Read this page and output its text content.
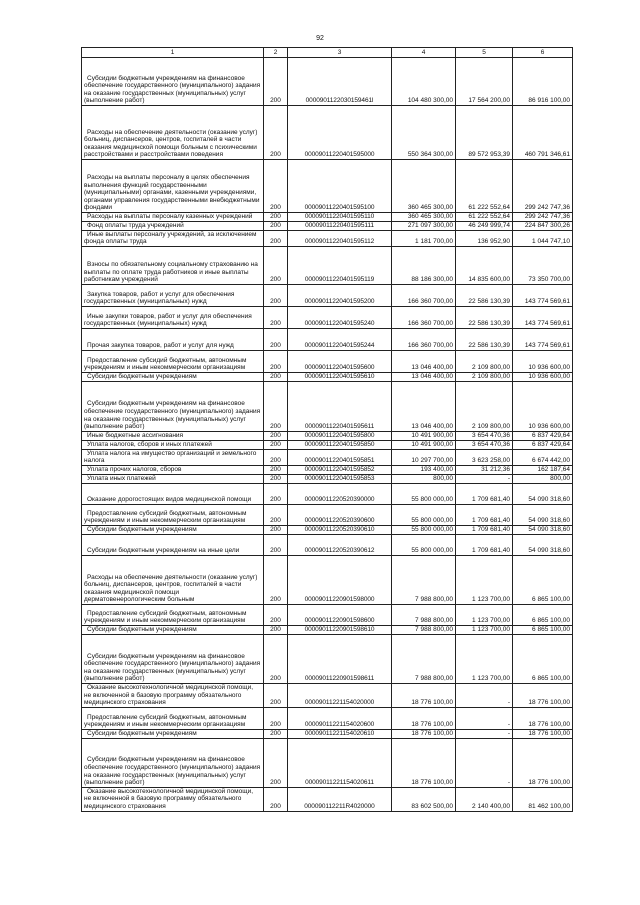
92
1	2	3	4	5	6

Субсидии бюджетным учреждениям на финансовое обеспечение государственного (муниципального) задания на оказание государственных (муниципальных) услуг (выполнение работ)	200	0000901122030159461l	104 480 300,00	17 564 200,00	86 916 100,00

Расходы на обеспечение деятельности (оказание услуг) больниц, диспансеров, центров, госпиталей в части оказания медицинской помощи больным с психическими расстройствами и расстройствами поведения	200	00009011220401595000	550 364 300,00	89 572 953,39	460 791 346,61

Расходы на выплаты персоналу в целях обеспечения выполнения функций государственными (муниципальными) органами, казенными учреждениями, органами управления государственными внебюджетными фондами	200	00009011220401595100	360 465 300,00	61 222 552,64	299 242 747,36

Расходы на выплаты персоналу казенных учреждений	200	00009011220401595110	360 465 300,00	61 222 552,64	299 242 747,36

Фонд оплаты труда учреждений	200	00009011220401595111	271 097 300,00	46 249 999,74	224 847 300,26

Иные выплаты персоналу учреждений, за исключением фонда оплаты труда	200	00009011220401595112	1 181 700,00	136 952,90	1 044 747,10

Взносы по обязательному социальному страхованию на выплаты по оплате труда работников и иные выплаты работникам учреждений	200	00009011220401595119	88 186 300,00	14 835 600,00	73 350 700,00

Закупка товаров, работ и услуг для обеспечения государственных (муниципальных) нужд	200	00009011220401595200	166 360 700,00	22 586 130,39	143 774 569,61

Иные закупки товаров, работ и услуг для обеспечения государственных (муниципальных) нужд	200	00009011220401595240	166 360 700,00	22 586 130,39	143 774 569,61

Прочая закупка товаров, работ и услуг для нужд	200	00009011220401595244	166 360 700,00	22 586 130,39	143 774 569,61

Предоставление субсидий бюджетным, автономным учреждениям и иным некоммерческим организациям	200	00009011220401595600	13 046 400,00	2 109 800,00	10 936 600,00

Субсидии бюджетным учреждениям	200	00009011220401595610	13 046 400,00	2 109 800,00	10 936 600,00

Субсидии бюджетным учреждениям на финансовое обеспечение государственного (муниципального) задания на оказание государственных (муниципальных) услуг (выполнение работ)	200	00009011220401595611	13 046 400,00	2 109 800,00	10 936 600,00

Иные бюджетные ассигнования	200	00009011220401595800	10 491 900,00	3 654 470,36	6 837 429,64

Уплата налогов, сборов и иных платежей	200	00009011220401595850	10 491 900,00	3 654 470,36	6 837 429,64

Уплата налога на имущество организаций и земельного налога	200	00009011220401595851	10 297 700,00	3 623 258,00	6 674 442,00

Уплата прочих налогов, сборов	200	00009011220401595852	193 400,00	31 212,36	162 187,64

Уплата иных платежей	200	00009011220401595853	800,00	-	800,00

Оказание дорогостоящих видов медицинской помощи	200	00009011220520390000	55 800 000,00	1 709 681,40	54 090 318,60

Предоставление субсидий бюджетным, автономным учреждениям и иным некоммерческим организациям	200	00009011220520390600	55 800 000,00	1 709 681,40	54 090 318,60

Субсидии бюджетным учреждениям	200	00009011220520390610	55 800 000,00	1 709 681,40	54 090 318,60

Субсидии бюджетным учреждениям на иные цели	200	00009011220520390612	55 800 000,00	1 709 681,40	54 090 318,60

Расходы на обеспечение деятельности (оказание услуг) больниц, диспансеров, центров, госпиталей в части оказания медицинской помощи дерматовенерологическим больным	200	00009011220901598000	7 988 800,00	1 123 700,00	6 865 100,00

Предоставление субсидий бюджетным, автономным учреждениям и иным некоммерческим организациям	200	00009011220901598600	7 988 800,00	1 123 700,00	6 865 100,00

Субсидии бюджетным учреждениям	200	00009011220901598610	7 988 800,00	1 123 700,00	6 865 100,00

Субсидии бюджетным учреждениям на финансовое обеспечение государственного (муниципального) задания на оказание государственных (муниципальных) услуг (выполнение работ)	200	00009011220901598611	7 988 800,00	1 123 700,00	6 865 100,00

Оказание высокотехнологичной медицинской помощи, не включенной в базовую программу обязательного медицинского страхования	200	00009011221154020000	18 776 100,00	-	18 776 100,00

Предоставление субсидий бюджетным, автономным учреждениям и иным некоммерческим организациям	200	00009011221154020600	18 776 100,00	-	18 776 100,00

Субсидии бюджетным учреждениям	200	00009011221154020610	18 776 100,00	-	18 776 100,00

Субсидии бюджетным учреждениям на финансовое обеспечение государственного (муниципального) задания на оказание государственных (муниципальных) услуг (выполнение работ)	200	00009011221154020611	18 776 100,00	-	18 776 100,00

Оказание высокотехнологичной медицинской помощи, не включенной в базовую программу обязательного медицинского страхования	200	000090112211R4020000	83 602 500,00	2 140 400,00	81 462 100,00
